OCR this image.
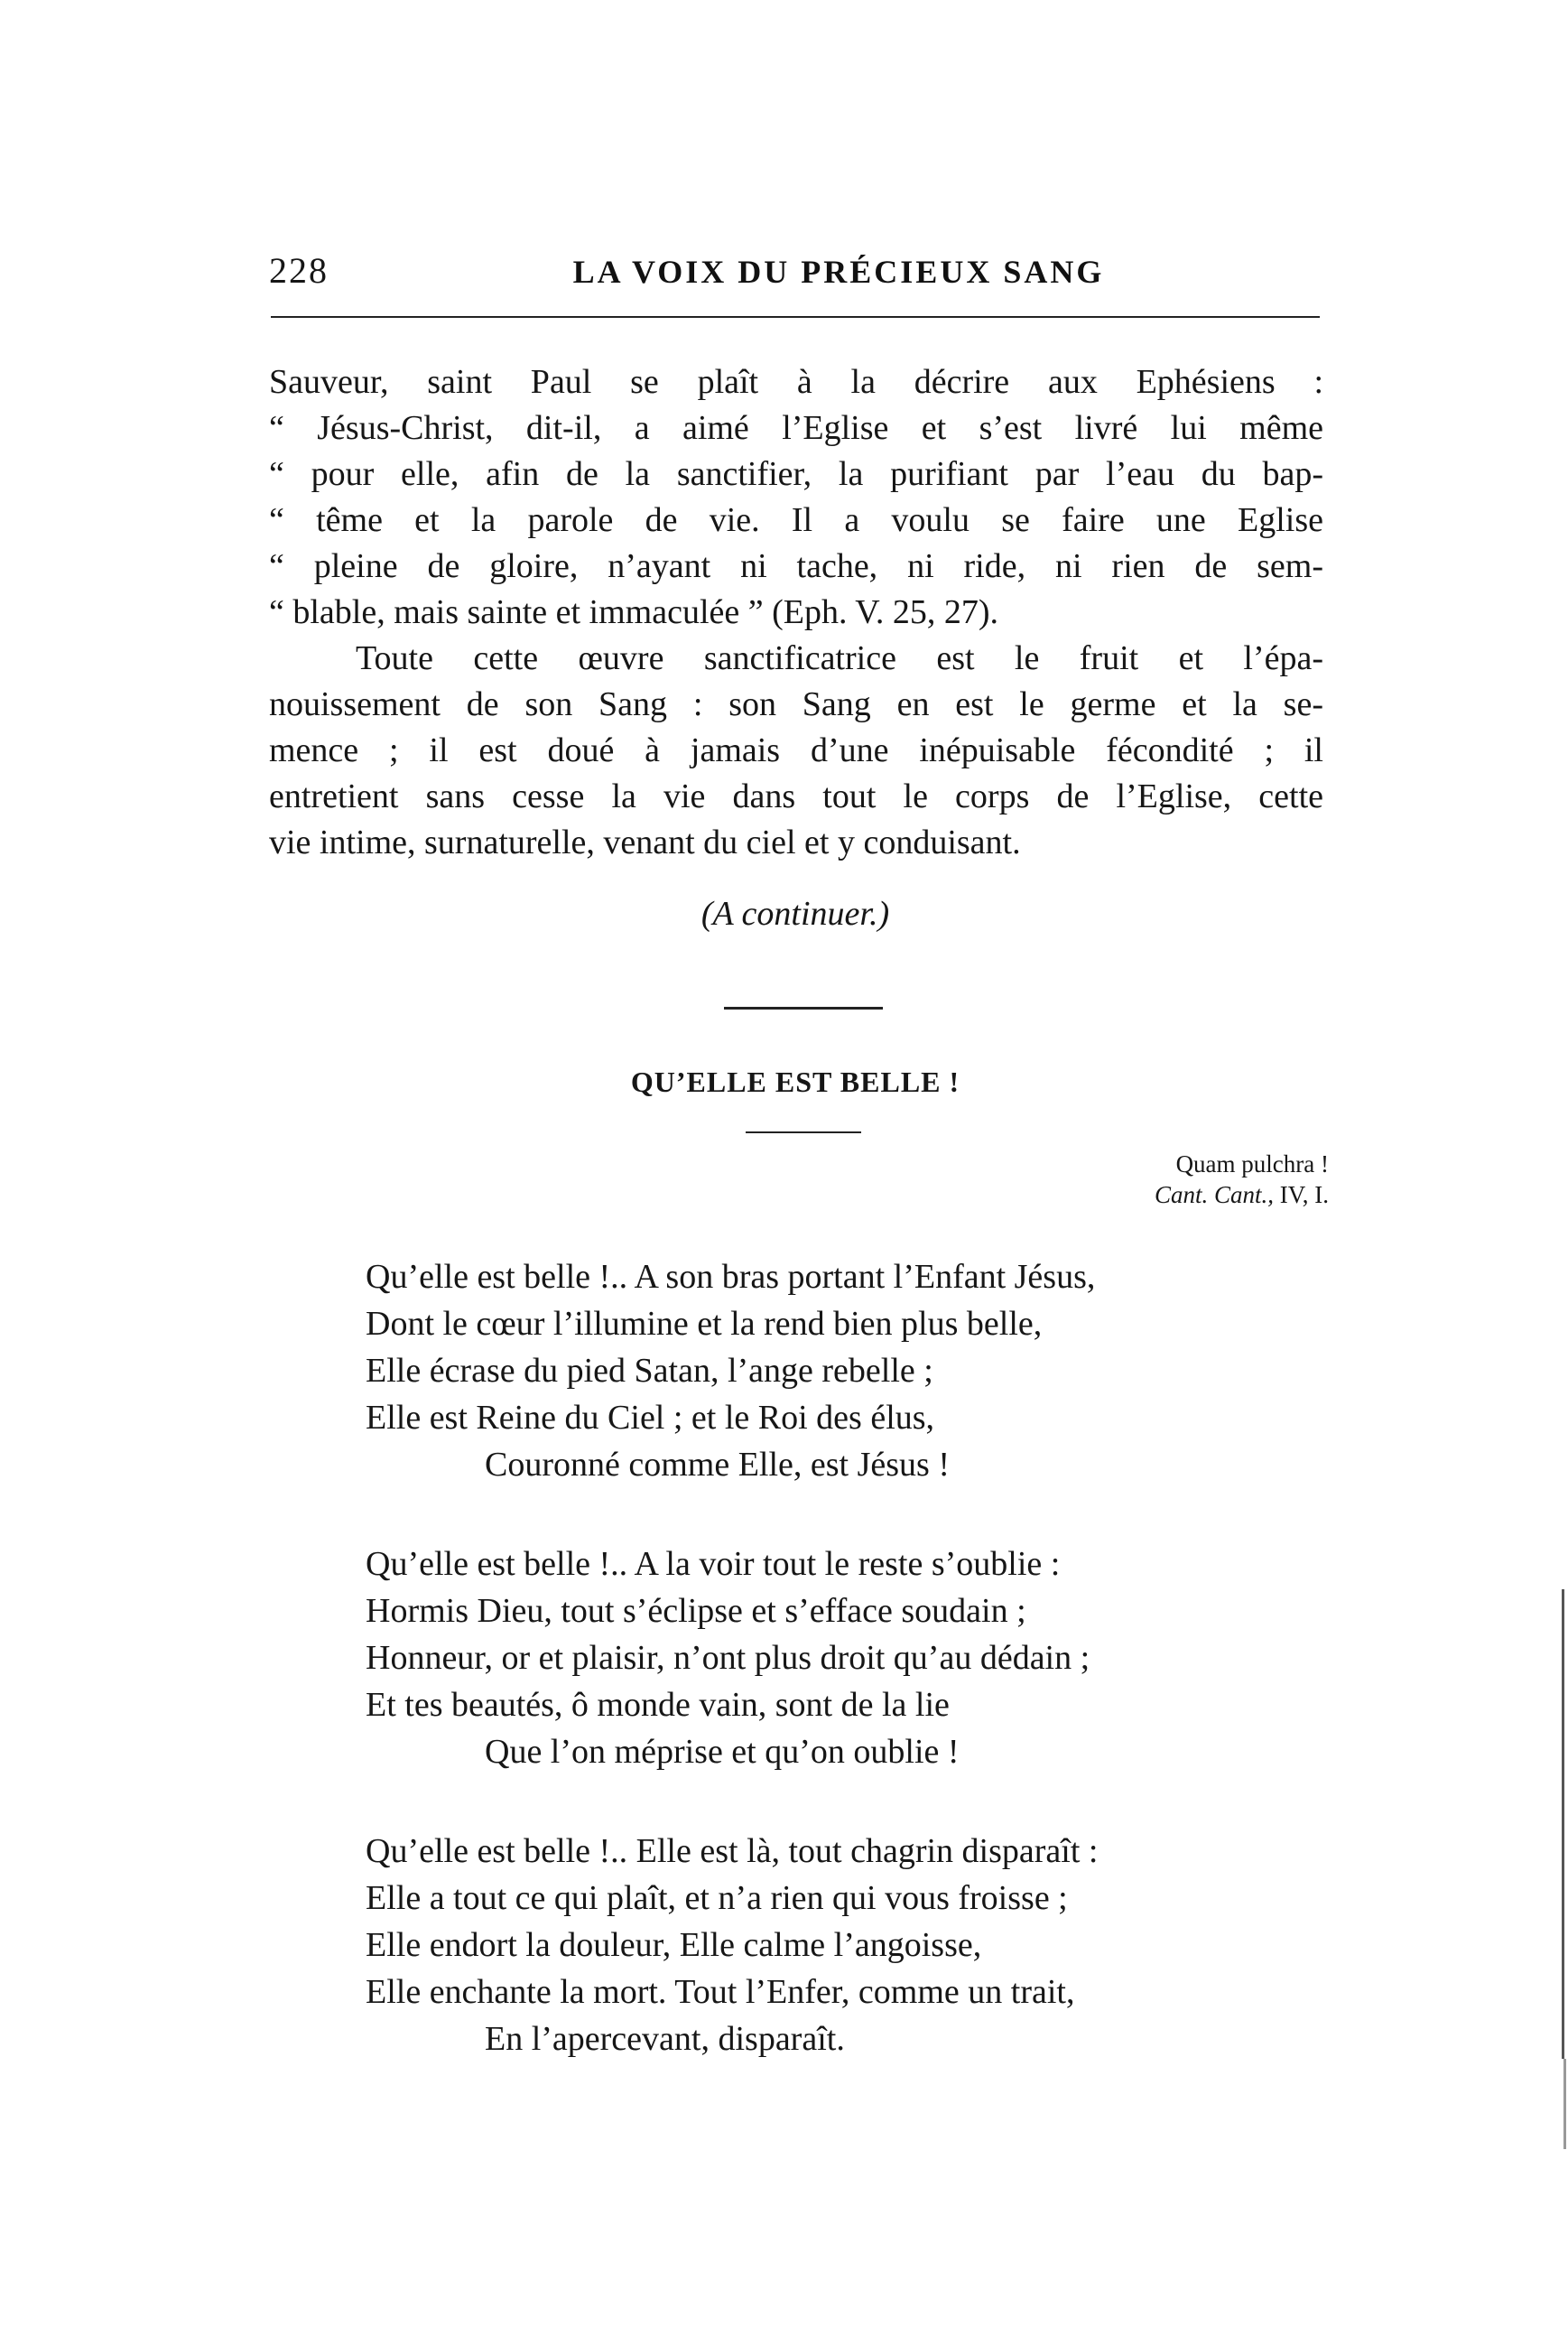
228	LA VOIX DU PRÉCIEUX SANG

Sauveur, saint Paul se plaît à la décrire aux Ephésiens :
“ Jésus-Christ, dit-il, a aimé l’Eglise et s’est livré lui même
“ pour elle, afin de la sanctifier, la purifiant par l’eau du bap-
“ tême et la parole de vie. Il a voulu se faire une Eglise
“ pleine de gloire, n’ayant ni tache, ni ride, ni rien de sem-
“ blable, mais sainte et immaculée ” (Eph. V. 25, 27).

Toute cette œuvre sanctificatrice est le fruit et l’épa-
nouissement de son Sang : son Sang en est le germe et la se-
mence ; il est doué à jamais d’une inépuisable fécondité ; il
entretient sans cesse la vie dans tout le corps de l’Eglise, cette
vie intime, surnaturelle, venant du ciel et y conduisant.

(A continuer.)
QU’ELLE EST BELLE !
Quam pulchra !
Cant. Cant., IV, I.
Qu’elle est belle !.. A son bras portant l’Enfant Jésus,
Dont le cœur l’illumine et la rend bien plus belle,
Elle écrase du pied Satan, l’ange rebelle ;
Elle est Reine du Ciel ; et le Roi des élus,
Couronné comme Elle, est Jésus !
Qu’elle est belle !.. A la voir tout le reste s’oublie :
Hormis Dieu, tout s’éclipse et s’efface soudain ;
Honneur, or et plaisir, n’ont plus droit qu’au dédain ;
Et tes beautés, ô monde vain, sont de la lie
Que l’on méprise et qu’on oublie !
Qu’elle est belle !.. Elle est là, tout chagrin disparaît :
Elle a tout ce qui plaît, et n’a rien qui vous froisse ;
Elle endort la douleur, Elle calme l’angoisse,
Elle enchante la mort. Tout l’Enfer, comme un trait,
En l’apercevant, disparaît.
